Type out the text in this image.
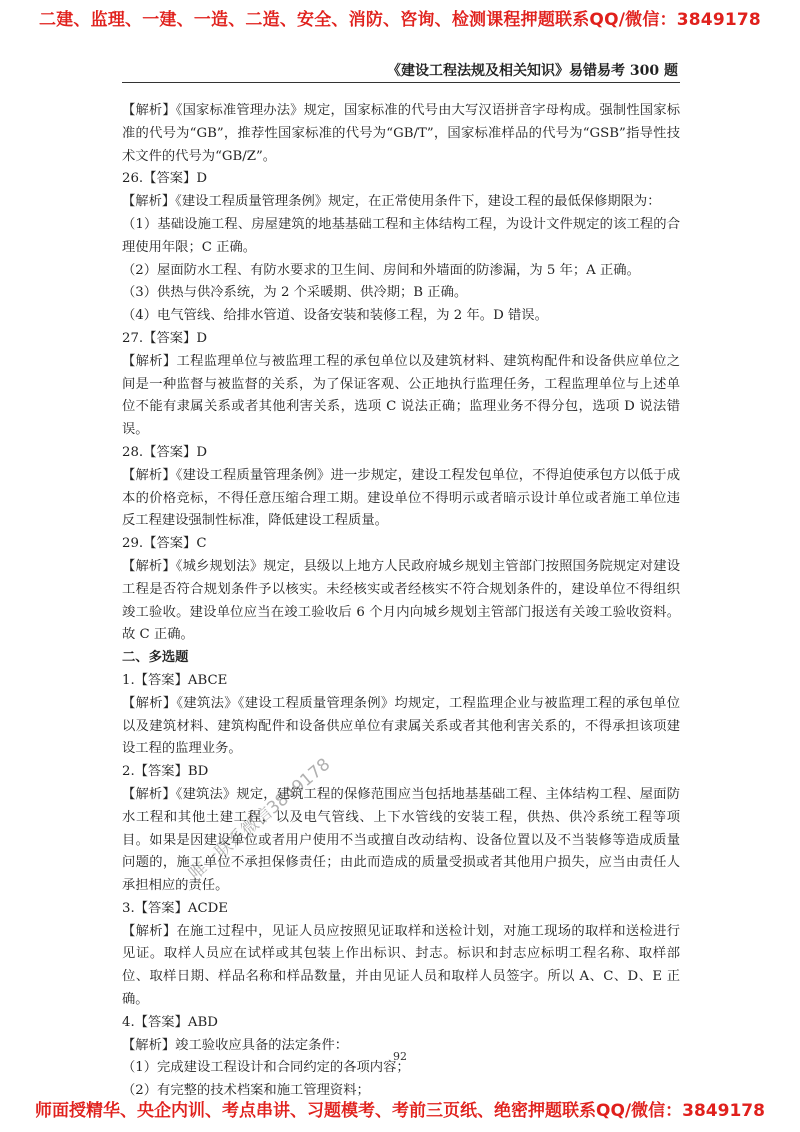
二建、监理、一建、一造、二造、安全、消防、咨询、检测课程押题联系QQ/微信：3849178
《建设工程法规及相关知识》易错易考 300 题

【解析】《国家标准管理办法》规定，国家标准的代号由大写汉语拼音字母构成。强制性国家标准的代号为“GB”，推荐性国家标准的代号为“GB/T”，国家标准样品的代号为“GSB”指导性技术文件的代号为“GB/Z”。

26.【答案】D

【解析】《建设工程质量管理条例》规定，在正常使用条件下，建设工程的最低保修期限为：

（1）基础设施工程、房屋建筑的地基基础工程和主体结构工程，为设计文件规定的该工程的合理使用年限；C 正确。

（2）屋面防水工程、有防水要求的卫生间、房间和外墙面的防渗漏，为 5 年；A 正确。

（3）供热与供冷系统，为 2 个采暖期、供冷期；B 正确。

（4）电气管线、给排水管道、设备安装和装修工程，为 2 年。D 错误。

27.【答案】D

【解析】工程监理单位与被监理工程的承包单位以及建筑材料、建筑构配件和设备供应单位之间是一种监督与被监督的关系，为了保证客观、公正地执行监理任务，工程监理单位与上述单位不能有隶属关系或者其他利害关系，选项 C 说法正确；监理业务不得分包，选项 D 说法错误。

28.【答案】D

【解析】《建设工程质量管理条例》进一步规定，建设工程发包单位，不得迫使承包方以低于成本的价格竞标，不得任意压缩合理工期。建设单位不得明示或者暗示设计单位或者施工单位违反工程建设强制性标准，降低建设工程质量。

29.【答案】C

【解析】《城乡规划法》规定，县级以上地方人民政府城乡规划主管部门按照国务院规定对建设工程是否符合规划条件予以核实。未经核实或者经核实不符合规划条件的，建设单位不得组织竣工验收。建设单位应当在竣工验收后 6 个月内向城乡规划主管部门报送有关竣工验收资料。故 C 正确。

二、多选题

1.【答案】ABCE

【解析】《建筑法》《建设工程质量管理条例》均规定，工程监理企业与被监理工程的承包单位以及建筑材料、建筑构配件和设备供应单位有隶属关系或者其他利害关系的，不得承担该项建设工程的监理业务。

2.【答案】BD

【解析】《建筑法》规定，建筑工程的保修范围应当包括地基基础工程、主体结构工程、屋面防水工程和其他土建工程，以及电气管线、上下水管线的安装工程，供热、供冷系统工程等项目。如果是因建设单位或者用户使用不当或擅自改动结构、设备位置以及不当装修等造成质量问题的，施工单位不承担保修责任；由此而造成的质量受损或者其他用户损失，应当由责任人承担相应的责任。

3.【答案】ACDE

【解析】在施工过程中，见证人员应按照见证取样和送检计划，对施工现场的取样和送检进行见证。取样人员应在试样或其包装上作出标识、封志。标识和封志应标明工程名称、取样部位、取样日期、样品名称和样品数量，并由见证人员和取样人员签字。所以 A、C、D、E 正确。

4.【答案】ABD

【解析】竣工验收应具备的法定条件：

（1）完成建设工程设计和合同约定的各项内容；

（2）有完整的技术档案和施工管理资料；

唯一联系微信3849178
92
师面授精华、央企内训、考点串讲、习题模考、考前三页纸、绝密押题联系QQ/微信：3849178
